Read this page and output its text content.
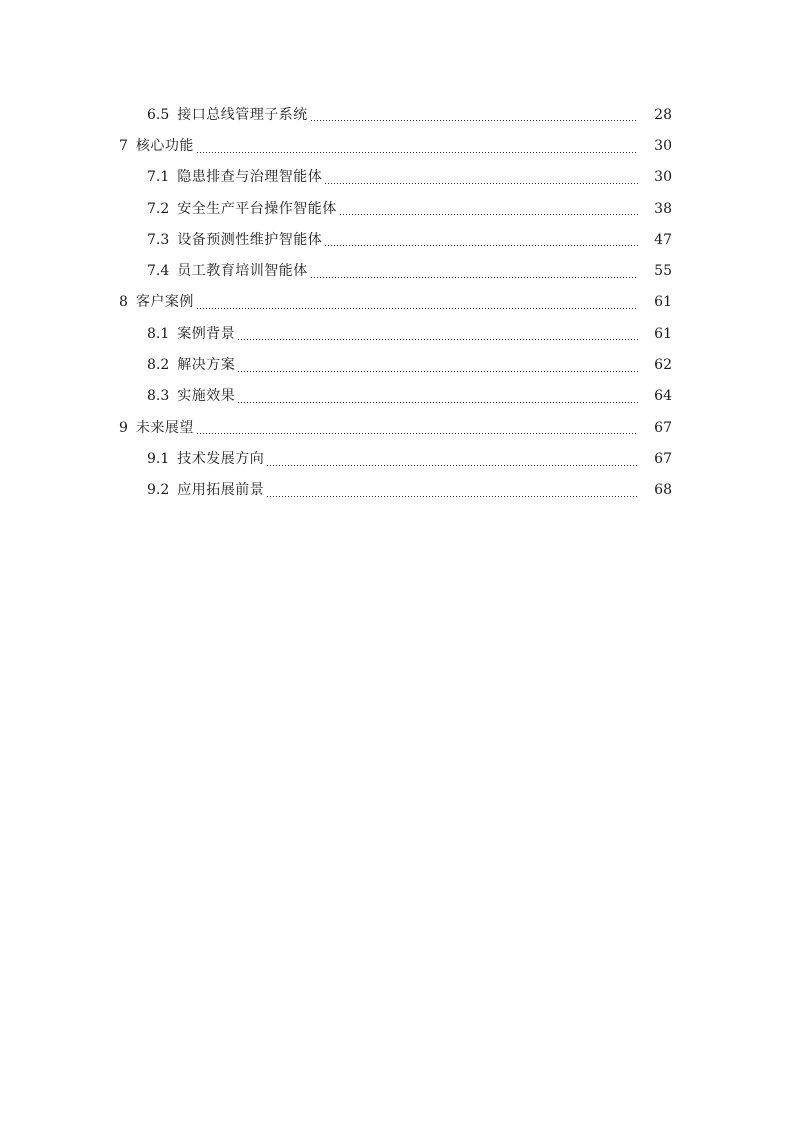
6.5 接口总线管理子系统	28
7 核心功能	30
7.1 隐患排查与治理智能体	30
7.2 安全生产平台操作智能体	38
7.3 设备预测性维护智能体	47
7.4 员工教育培训智能体	55
8 客户案例	61
8.1 案例背景	61
8.2 解决方案	62
8.3 实施效果	64
9 未来展望	67
9.1 技术发展方向	67
9.2 应用拓展前景	68
